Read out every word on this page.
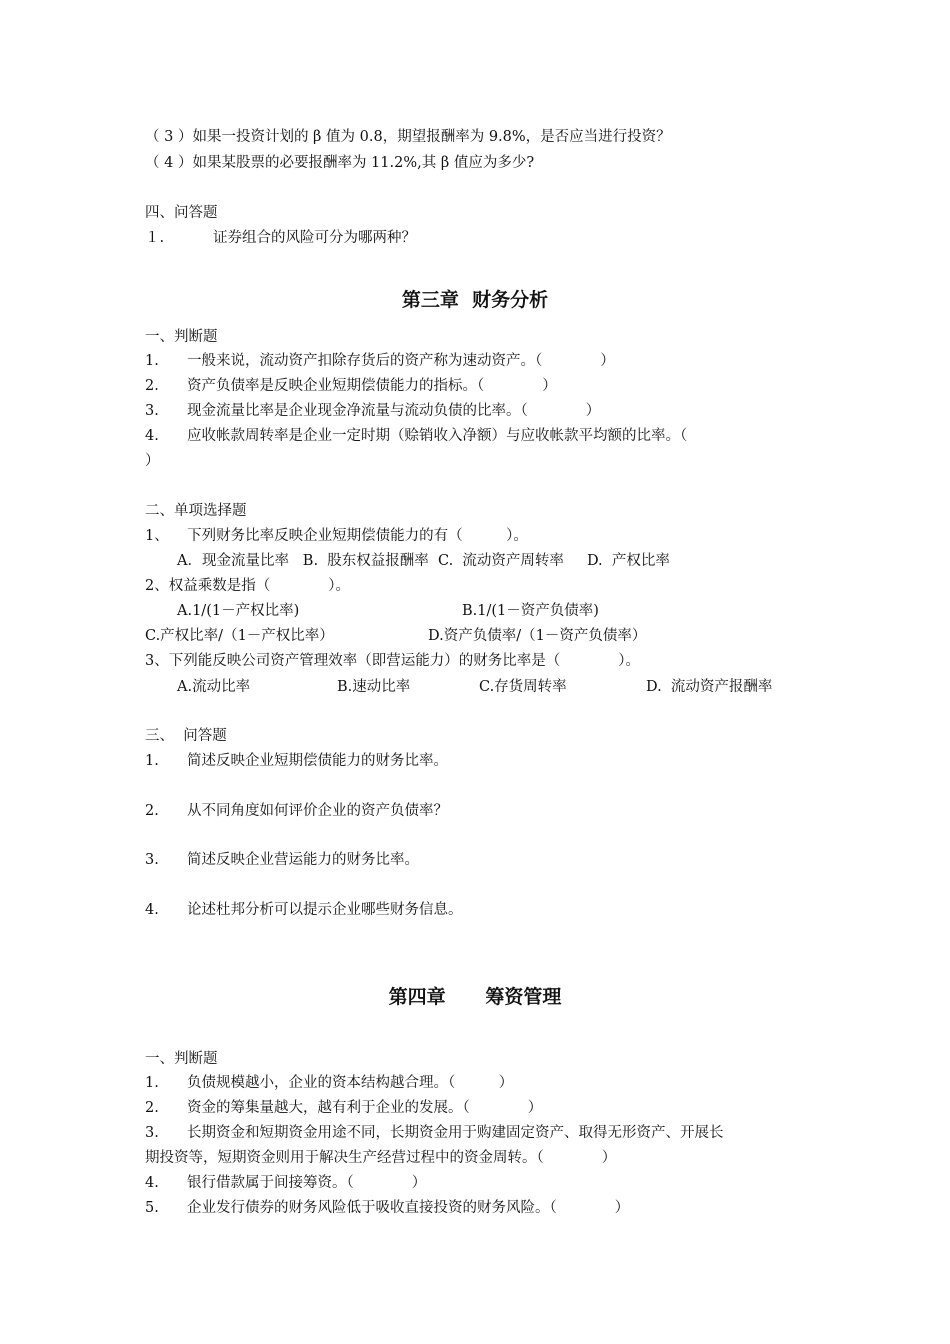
（ 3 ）如果一投资计划的 β 值为 0.8，期望报酬率为 9.8%，是否应当进行投资？
（ 4 ）如果某股票的必要报酬率为 11.2%,其 β 值应为多少?
四、问答题
１.	证券组合的风险可分为哪两种？
第三章  财务分析
一、判断题
1. 一般来说，流动资产扣除存货后的资产称为速动资产。（　　　　）
2. 资产负债率是反映企业短期偿债能力的指标。（　　　　）
3. 现金流量比率是企业现金净流量与流动负债的比率。（　　　　）
4. 应收帐款周转率是企业一定时期（赊销收入净额）与应收帐款平均额的比率。（
）
二、单项选择题
1、    下列财务比率反映企业短期偿债能力的有（　　　）。
A．现金流量比率   B.  股东权益报酬率  C.  流动资产周转率     D.  产权比率
2、权益乘数是指（　　　　）。
A.1/(1－产权比率)	B.1/(1－资产负债率)
C.产权比率/（1－产权比率）	D.资产负债率/（1－资产负债率）
3、下列能反映公司资产管理效率（即营运能力）的财务比率是（　　　　）。
A.流动比率	B.速动比率	C.存货周转率	D.  流动资产报酬率
三、  问答题
1. 简述反映企业短期偿债能力的财务比率。
2. 从不同角度如何评价企业的资产负债率？
3. 简述反映企业营运能力的财务比率。
4. 论述杜邦分析可以提示企业哪些财务信息。
第四章      筹资管理
一、判断题
1. 负债规模越小，企业的资本结构越合理。（　　　）
2. 资金的筹集量越大，越有利于企业的发展。（　　　　）
3. 长期资金和短期资金用途不同，长期资金用于购建固定资产、取得无形资产、开展长
期投资等，短期资金则用于解决生产经营过程中的资金周转。（　　　　）
4. 银行借款属于间接筹资。（　　　　）
5. 企业发行债券的财务风险低于吸收直接投资的财务风险。（　　　　）
